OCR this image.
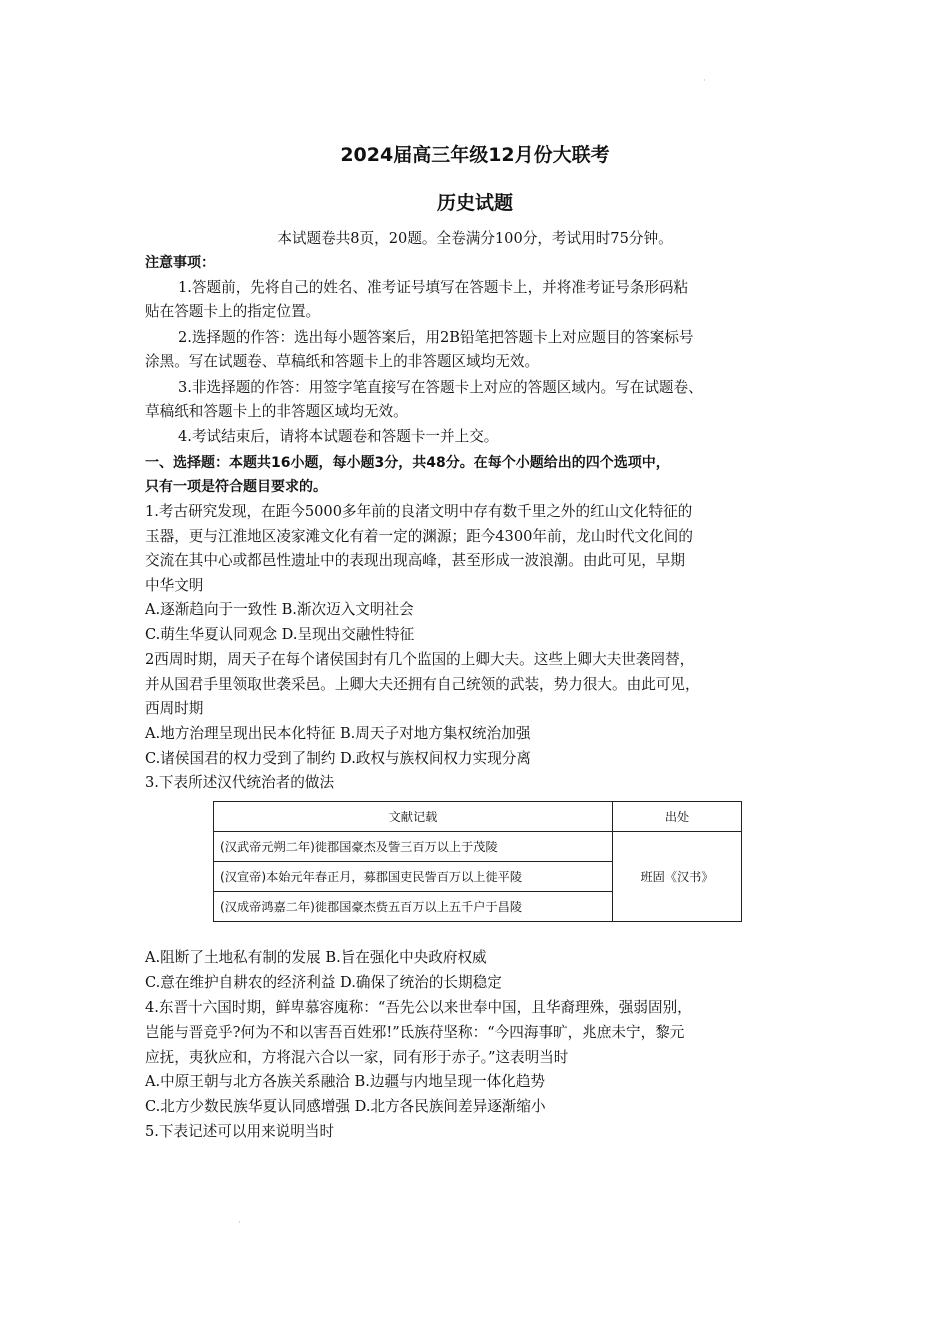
·
2024届高三年级12月份大联考
历史试题
本试题卷共8页，20题。全卷满分100分，考试用时75分钟。
注意事项：
1.答题前，先将自己的姓名、准考证号填写在答题卡上，并将准考证号条形码粘
贴在答题卡上的指定位置。
2.选择题的作答：选出每小题答案后，用2B铅笔把答题卡上对应题目的答案标号
涂黑。写在试题卷、草稿纸和答题卡上的非答题区域均无效。
3.非选择题的作答：用签字笔直接写在答题卡上对应的答题区域内。写在试题卷、
草稿纸和答题卡上的非答题区域均无效。
4.考试结束后，请将本试题卷和答题卡一并上交。
一、选择题：本题共16小题，每小题3分，共48分。在每个小题给出的四个选项中，
只有一项是符合题目要求的。
1.考古研究发现，在距今5000多年前的良渚文明中存有数千里之外的红山文化特征的
玉器，更与江淮地区凌家滩文化有着一定的渊源；距今4300年前，龙山时代文化间的
交流在其中心或都邑性遗址中的表现出现高峰，甚至形成一波浪潮。由此可见，早期
中华文明
A.逐渐趋向于一致性 B.渐次迈入文明社会
C.萌生华夏认同观念 D.呈现出交融性特征
2西周时期，周天子在每个诸侯国封有几个监国的上卿大夫。这些上卿大夫世袭罔替，
并从国君手里领取世袭采邑。上卿大夫还拥有自己统领的武装，势力很大。由此可见，
西周时期
A.地方治理呈现出民本化特征 B.周天子对地方集权统治加强
C.诸侯国君的权力受到了制约 D.政权与族权间权力实现分离
3.下表所述汉代统治者的做法
文献记载	出处
(汉武帝元朔二年)徙郡国豪杰及訾三百万以上于茂陵	班固《汉书》
(汉宣帝)本始元年春正月，募郡国吏民訾百万以上徙平陵	
(汉成帝鸿嘉二年)徙郡国豪杰赀五百万以上五千户于昌陵	
A.阻断了土地私有制的发展 B.旨在强化中央政府权威
C.意在维护自耕农的经济利益 D.确保了统治的长期稳定
4.东晋十六国时期，鲜卑慕容廆称：“吾先公以来世奉中国，且华裔理殊，强弱固别，
岂能与晋竞乎?何为不和以害吾百姓邪!”氐族苻坚称：“今四海事旷，兆庶未宁，黎元
应抚，夷狄应和，方将混六合以一家，同有形于赤子。”这表明当时
A.中原王朝与北方各族关系融洽 B.边疆与内地呈现一体化趋势
C.北方少数民族华夏认同感增强 D.北方各民族间差异逐渐缩小
5.下表记述可以用来说明当时
·
